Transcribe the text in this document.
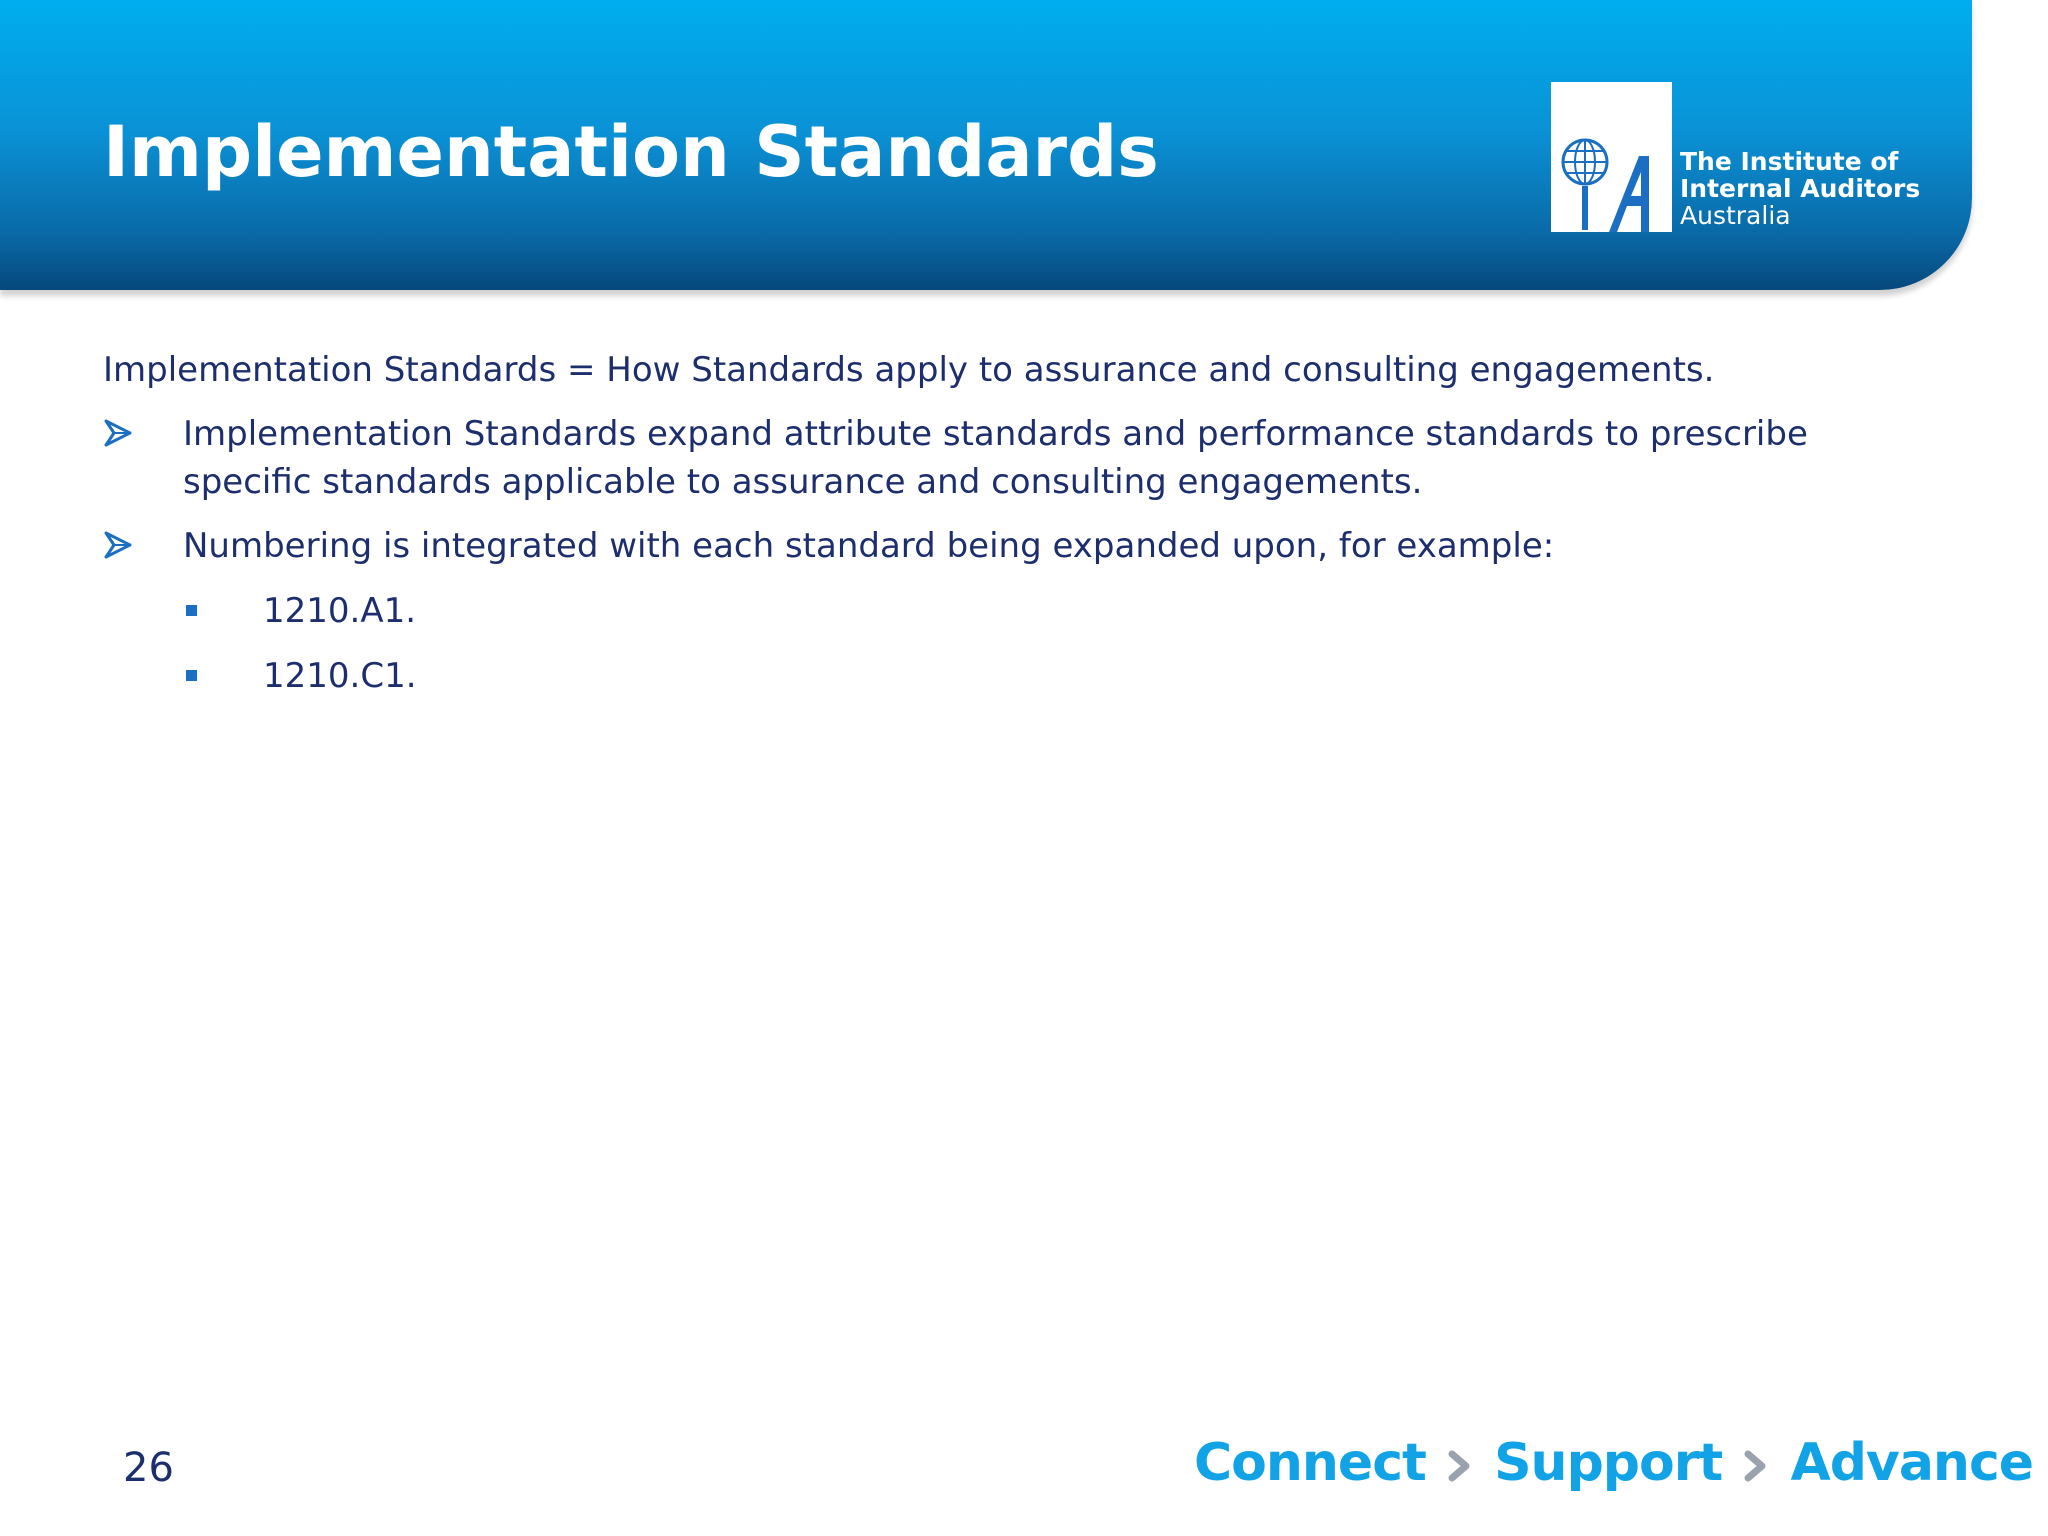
Implementation Standards	The Institute of
Internal Auditors
Australia

Implementation Standards = How Standards apply to assurance and consulting engagements.

Implementation Standards expand attribute standards and performance standards to prescribe specific standards applicable to assurance and consulting engagements.
Numbering is integrated with each standard being expanded upon, for example:
1210.A1.
1210.C1.
26	Connect Support Advance
